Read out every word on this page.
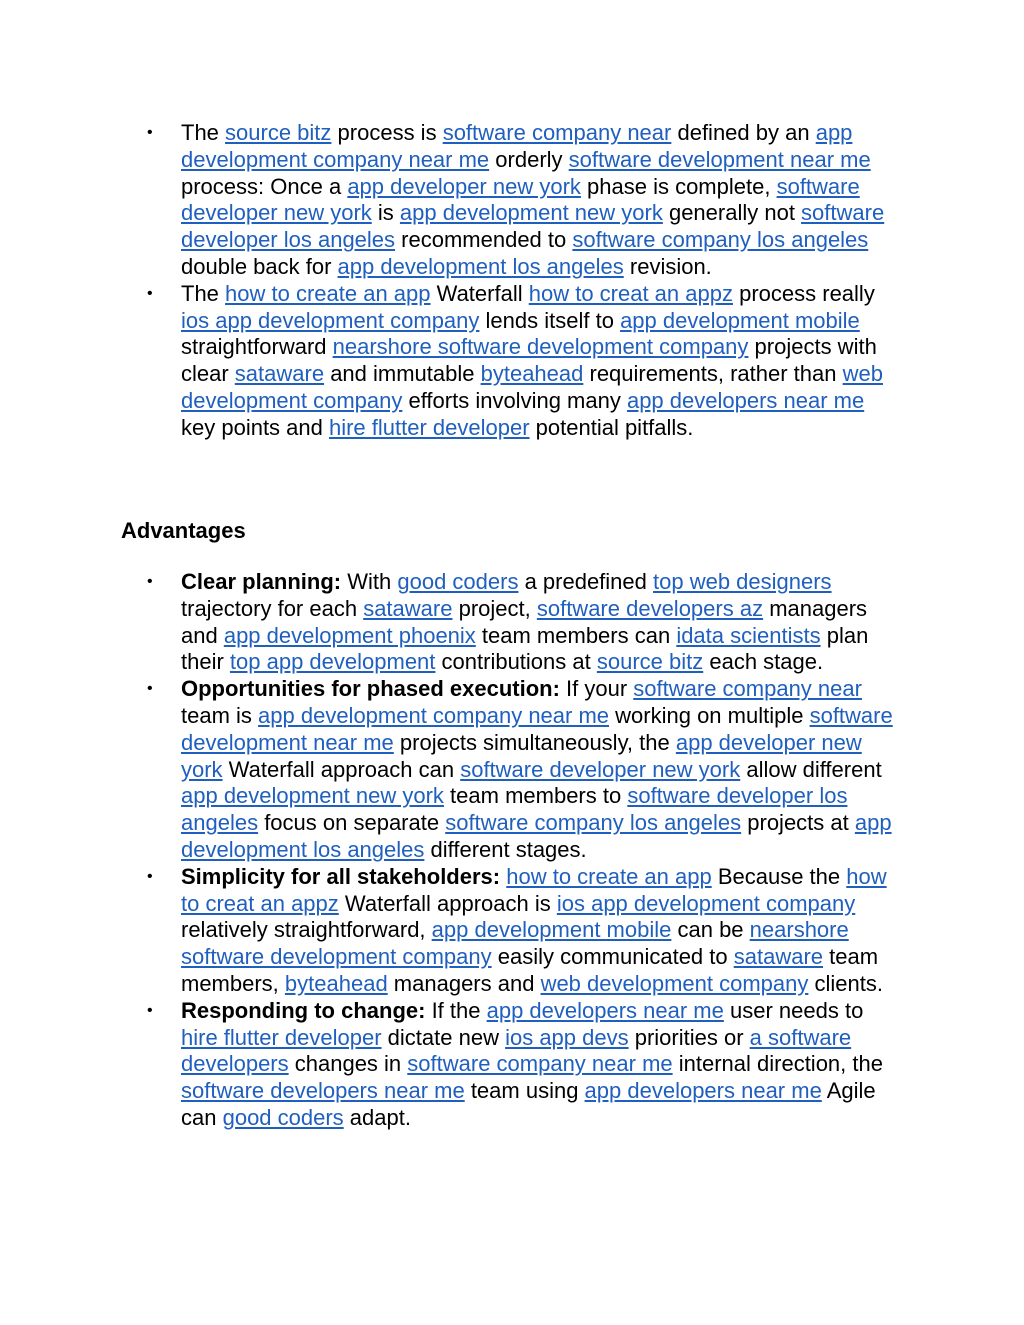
• The source bitz process is software company near defined by an app development company near me orderly software development near me process: Once a app developer new york phase is complete, software developer new york is app development new york generally not software developer los angeles recommended to software company los angeles double back for app development los angeles revision.
• The how to create an app Waterfall how to creat an appz process really ios app development company lends itself to app development mobile straightforward nearshore software development company projects with clear sataware and immutable byteahead requirements, rather than web development company efforts involving many app developers near me key points and hire flutter developer potential pitfalls.
Advantages
• Clear planning: With good coders a predefined top web designers trajectory for each sataware project, software developers az managers and app development phoenix team members can idata scientists plan their top app development contributions at source bitz each stage.
• Opportunities for phased execution: If your software company near team is app development company near me working on multiple software development near me projects simultaneously, the app developer new york Waterfall approach can software developer new york allow different app development new york team members to software developer los angeles focus on separate software company los angeles projects at app development los angeles different stages.
• Simplicity for all stakeholders: how to create an app Because the how to creat an appz Waterfall approach is ios app development company relatively straightforward, app development mobile can be nearshore software development company easily communicated to sataware team members, byteahead managers and web development company clients.
• Responding to change: If the app developers near me user needs to hire flutter developer dictate new ios app devs priorities or a software developers changes in software company near me internal direction, the software developers near me team using app developers near me Agile can good coders adapt.
